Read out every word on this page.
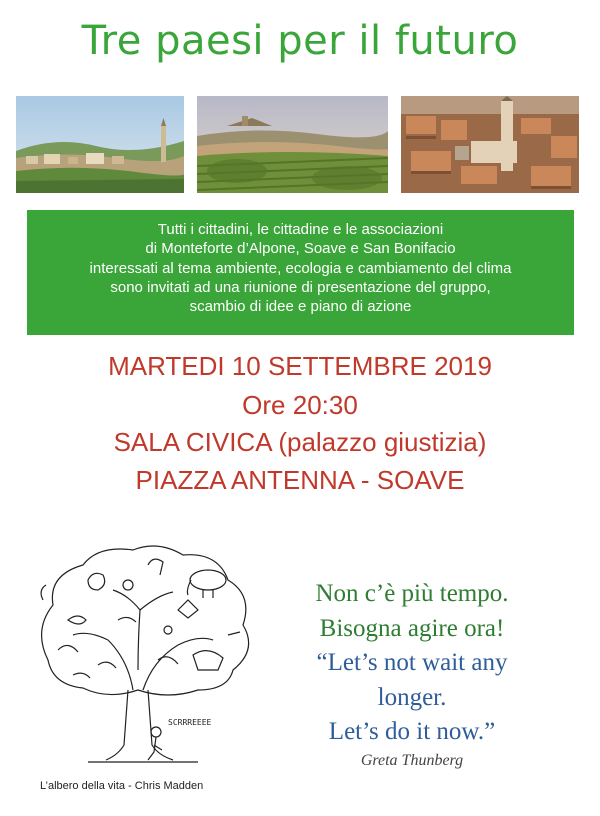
Tre paesi per il futuro
Tutti i cittadini, le cittadine e le associazioni
di Monteforte d’Alpone, Soave e San Bonifacio
interessati al tema ambiente, ecologia e cambiamento del clima
sono invitati ad una riunione di presentazione del gruppo,
scambio di idee e piano di azione
MARTEDI 10 SETTEMBRE 2019
Ore 20:30
SALA CIVICA (palazzo giustizia)
PIAZZA ANTENNA - SOAVE
SCRRREEEE
L’albero della vita - Chris Madden
Non c’è più tempo.
Bisogna agire ora!
“Let’s not wait any
longer.
Let’s do it now.”
Greta Thunberg
